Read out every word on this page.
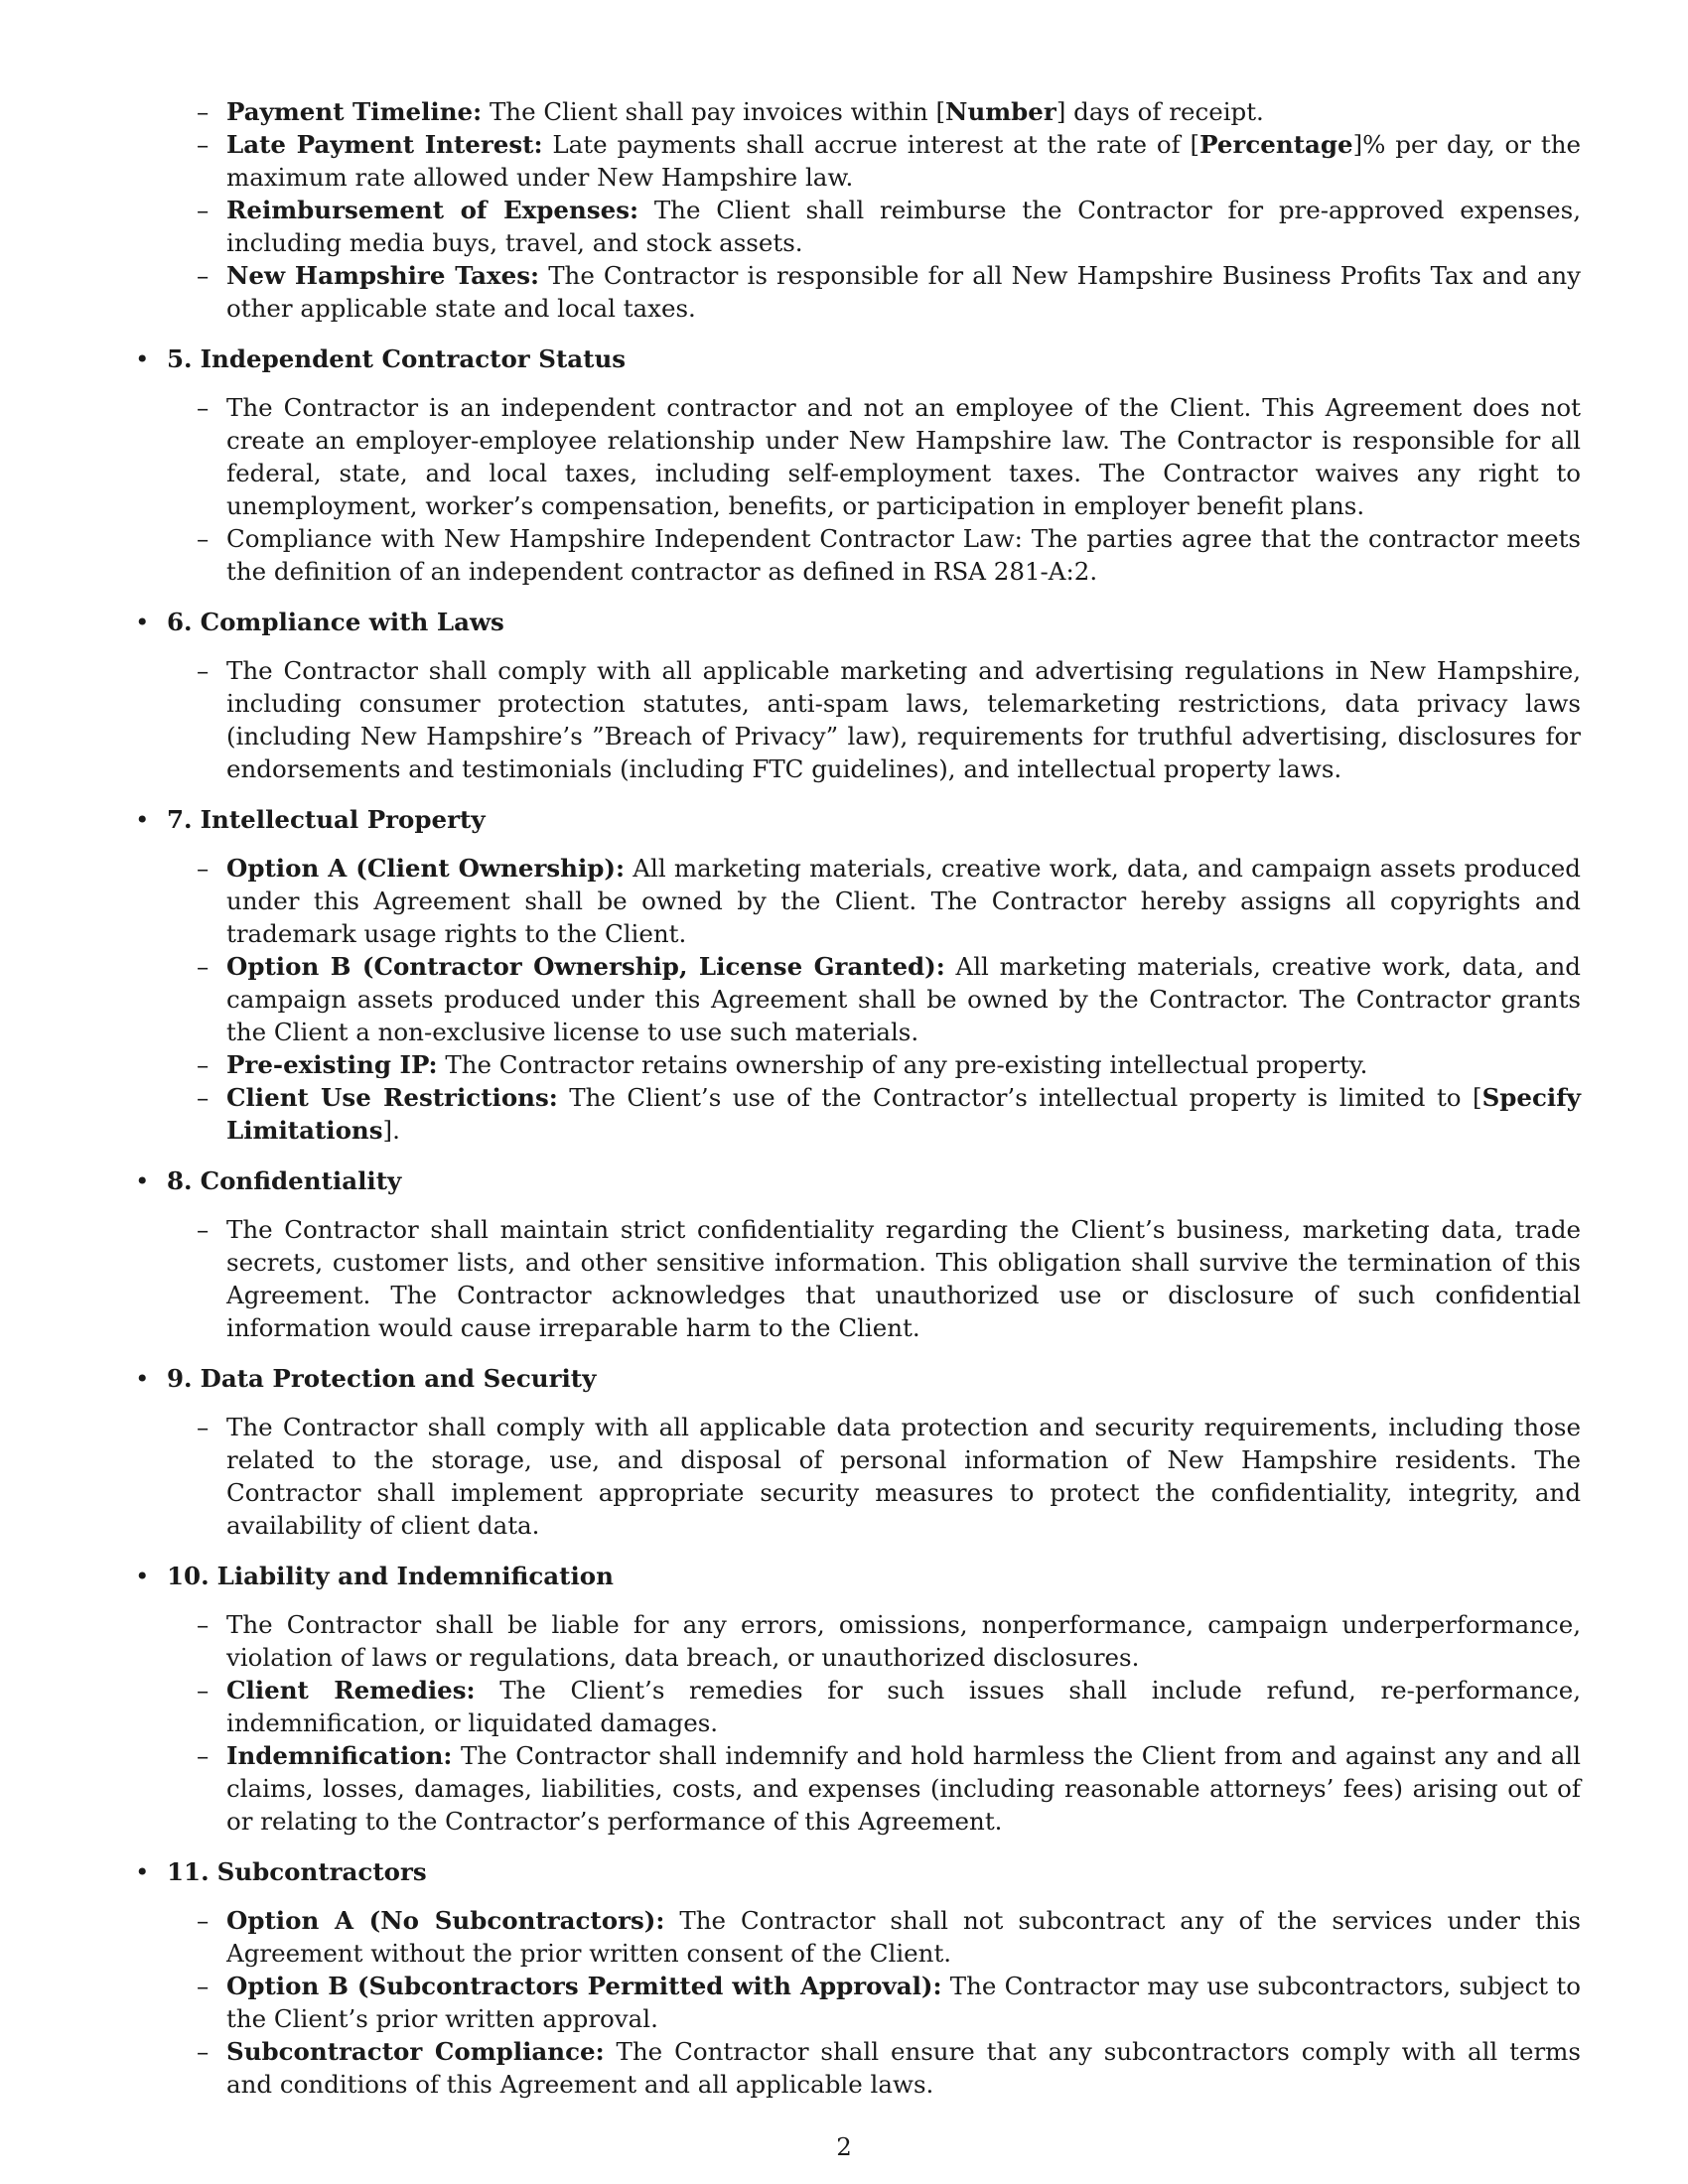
– Payment Timeline: The Client shall pay invoices within [Number] days of receipt.
– Late Payment Interest: Late payments shall accrue interest at the rate of [Percentage]% per day, or the maximum rate allowed under New Hampshire law.
– Reimbursement of Expenses: The Client shall reimburse the Contractor for pre-approved expenses, including media buys, travel, and stock assets.
– New Hampshire Taxes: The Contractor is responsible for all New Hampshire Business Profits Tax and any other applicable state and local taxes.
• 5. Independent Contractor Status
– The Contractor is an independent contractor and not an employee of the Client. This Agreement does not create an employer-employee relationship under New Hampshire law. The Contractor is responsible for all federal, state, and local taxes, including self-employment taxes. The Contractor waives any right to unemployment, worker’s compensation, benefits, or participation in employer benefit plans.
– Compliance with New Hampshire Independent Contractor Law: The parties agree that the contractor meets the definition of an independent contractor as defined in RSA 281-A:2.
• 6. Compliance with Laws
– The Contractor shall comply with all applicable marketing and advertising regulations in New Hampshire, including consumer protection statutes, anti-spam laws, telemarketing restrictions, data privacy laws (including New Hampshire’s ”Breach of Privacy” law), requirements for truthful advertising, disclosures for endorsements and testimonials (including FTC guidelines), and intellectual property laws.
• 7. Intellectual Property
– Option A (Client Ownership): All marketing materials, creative work, data, and campaign assets produced under this Agreement shall be owned by the Client. The Contractor hereby assigns all copyrights and trademark usage rights to the Client.
– Option B (Contractor Ownership, License Granted): All marketing materials, creative work, data, and campaign assets produced under this Agreement shall be owned by the Contractor. The Contractor grants the Client a non-exclusive license to use such materials.
– Pre-existing IP: The Contractor retains ownership of any pre-existing intellectual property.
– Client Use Restrictions: The Client’s use of the Contractor’s intellectual property is limited to [Specify Limitations].
• 8. Confidentiality
– The Contractor shall maintain strict confidentiality regarding the Client’s business, marketing data, trade secrets, customer lists, and other sensitive information. This obligation shall survive the termination of this Agreement. The Contractor acknowledges that unauthorized use or disclosure of such confidential information would cause irreparable harm to the Client.
• 9. Data Protection and Security
– The Contractor shall comply with all applicable data protection and security requirements, including those related to the storage, use, and disposal of personal information of New Hampshire residents. The Contractor shall implement appropriate security measures to protect the confidentiality, integrity, and availability of client data.
• 10. Liability and Indemnification
– The Contractor shall be liable for any errors, omissions, nonperformance, campaign underperformance, violation of laws or regulations, data breach, or unauthorized disclosures.
– Client Remedies: The Client’s remedies for such issues shall include refund, re-performance, indemnification, or liquidated damages.
– Indemnification: The Contractor shall indemnify and hold harmless the Client from and against any and all claims, losses, damages, liabilities, costs, and expenses (including reasonable attorneys’ fees) arising out of or relating to the Contractor’s performance of this Agreement.
• 11. Subcontractors
– Option A (No Subcontractors): The Contractor shall not subcontract any of the services under this Agreement without the prior written consent of the Client.
– Option B (Subcontractors Permitted with Approval): The Contractor may use subcontractors, subject to the Client’s prior written approval.
– Subcontractor Compliance: The Contractor shall ensure that any subcontractors comply with all terms and conditions of this Agreement and all applicable laws.
2
